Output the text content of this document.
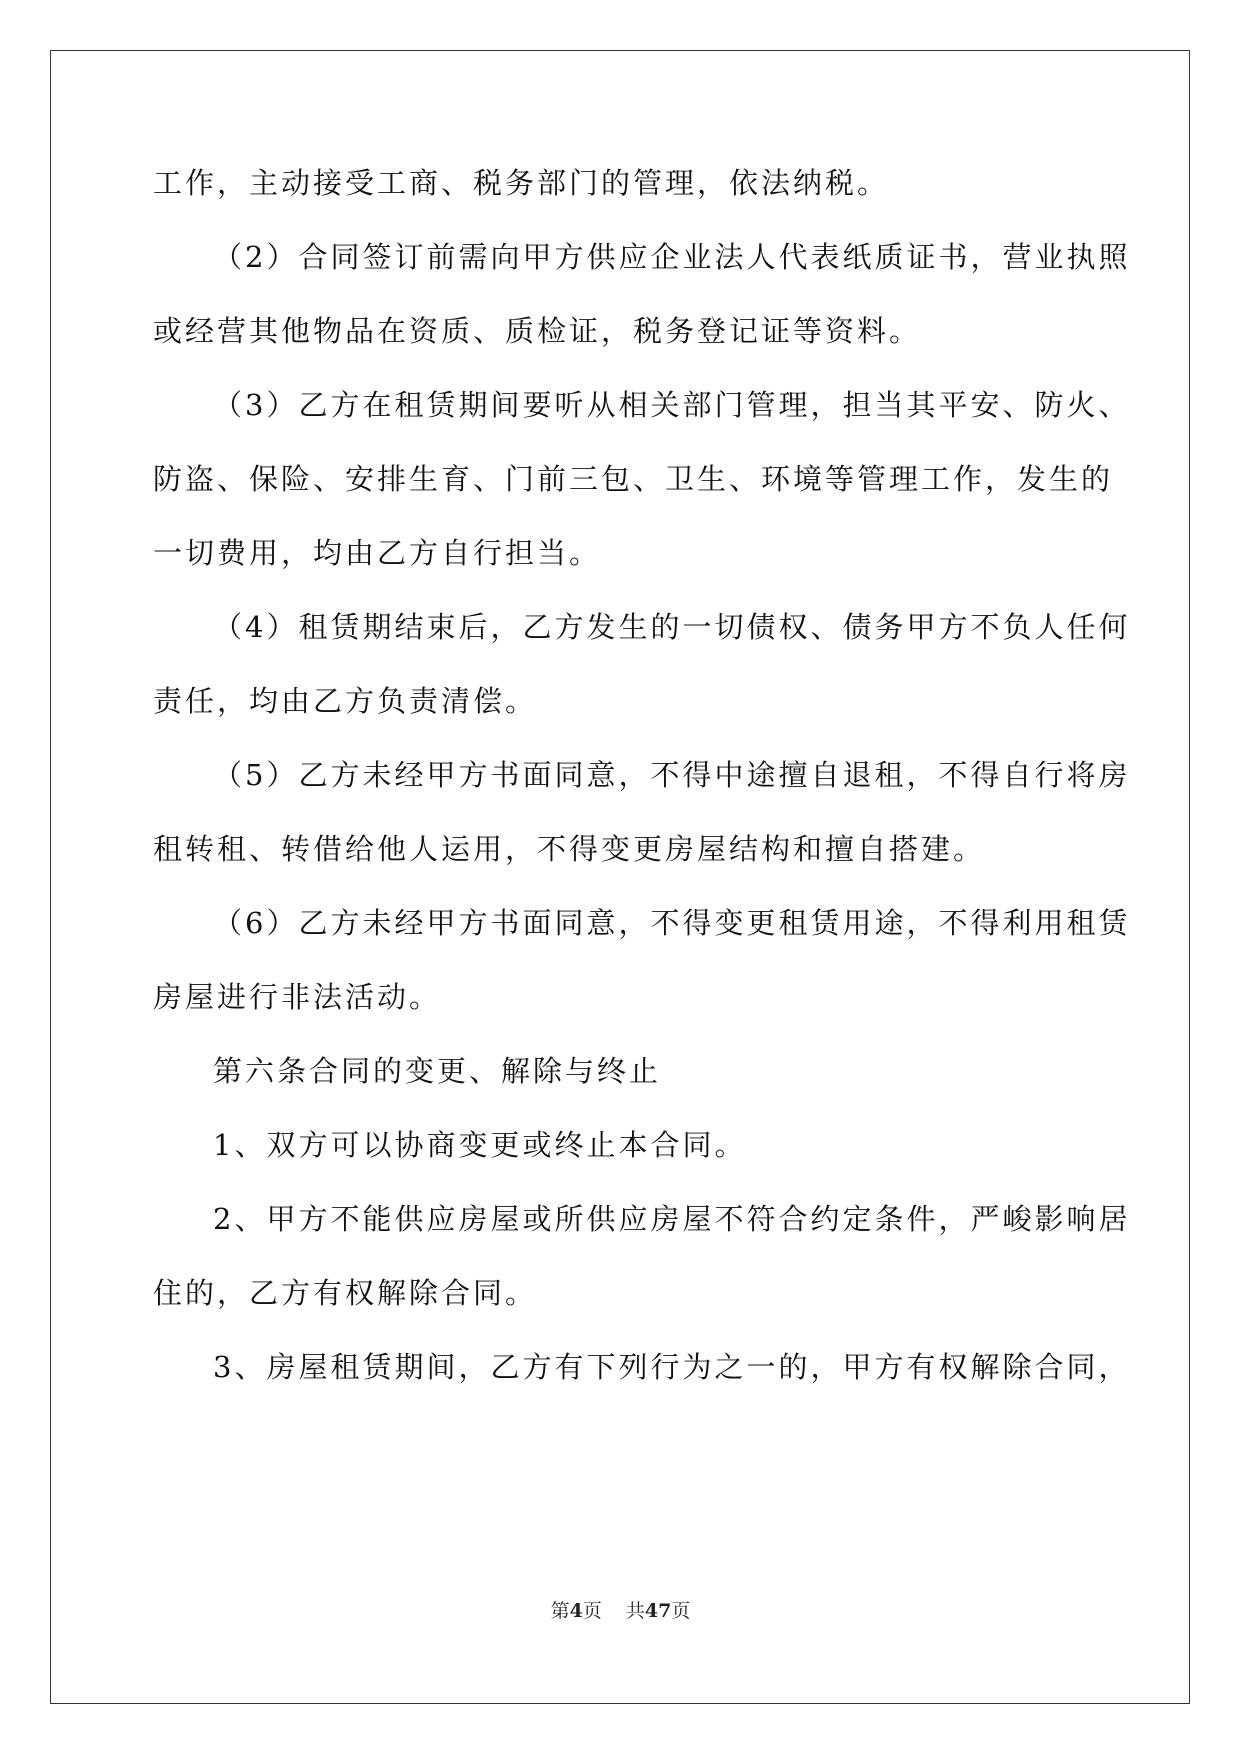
工作，主动接受工商、税务部门的管理，依法纳税。
（2）合同签订前需向甲方供应企业法人代表纸质证书，营业执照
或经营其他物品在资质、质检证，税务登记证等资料。
（3）乙方在租赁期间要听从相关部门管理，担当其平安、防火、
防盗、保险、安排生育、门前三包、卫生、环境等管理工作，发生的
一切费用，均由乙方自行担当。
（4）租赁期结束后，乙方发生的一切债权、债务甲方不负人任何
责任，均由乙方负责清偿。
（5）乙方未经甲方书面同意，不得中途擅自退租，不得自行将房
租转租、转借给他人运用，不得变更房屋结构和擅自搭建。
（6）乙方未经甲方书面同意，不得变更租赁用途，不得利用租赁
房屋进行非法活动。
第六条合同的变更、解除与终止
1、双方可以协商变更或终止本合同。
2、甲方不能供应房屋或所供应房屋不符合约定条件，严峻影响居
住的，乙方有权解除合同。
3、房屋租赁期间，乙方有下列行为之一的，甲方有权解除合同，
第4页 共47页
